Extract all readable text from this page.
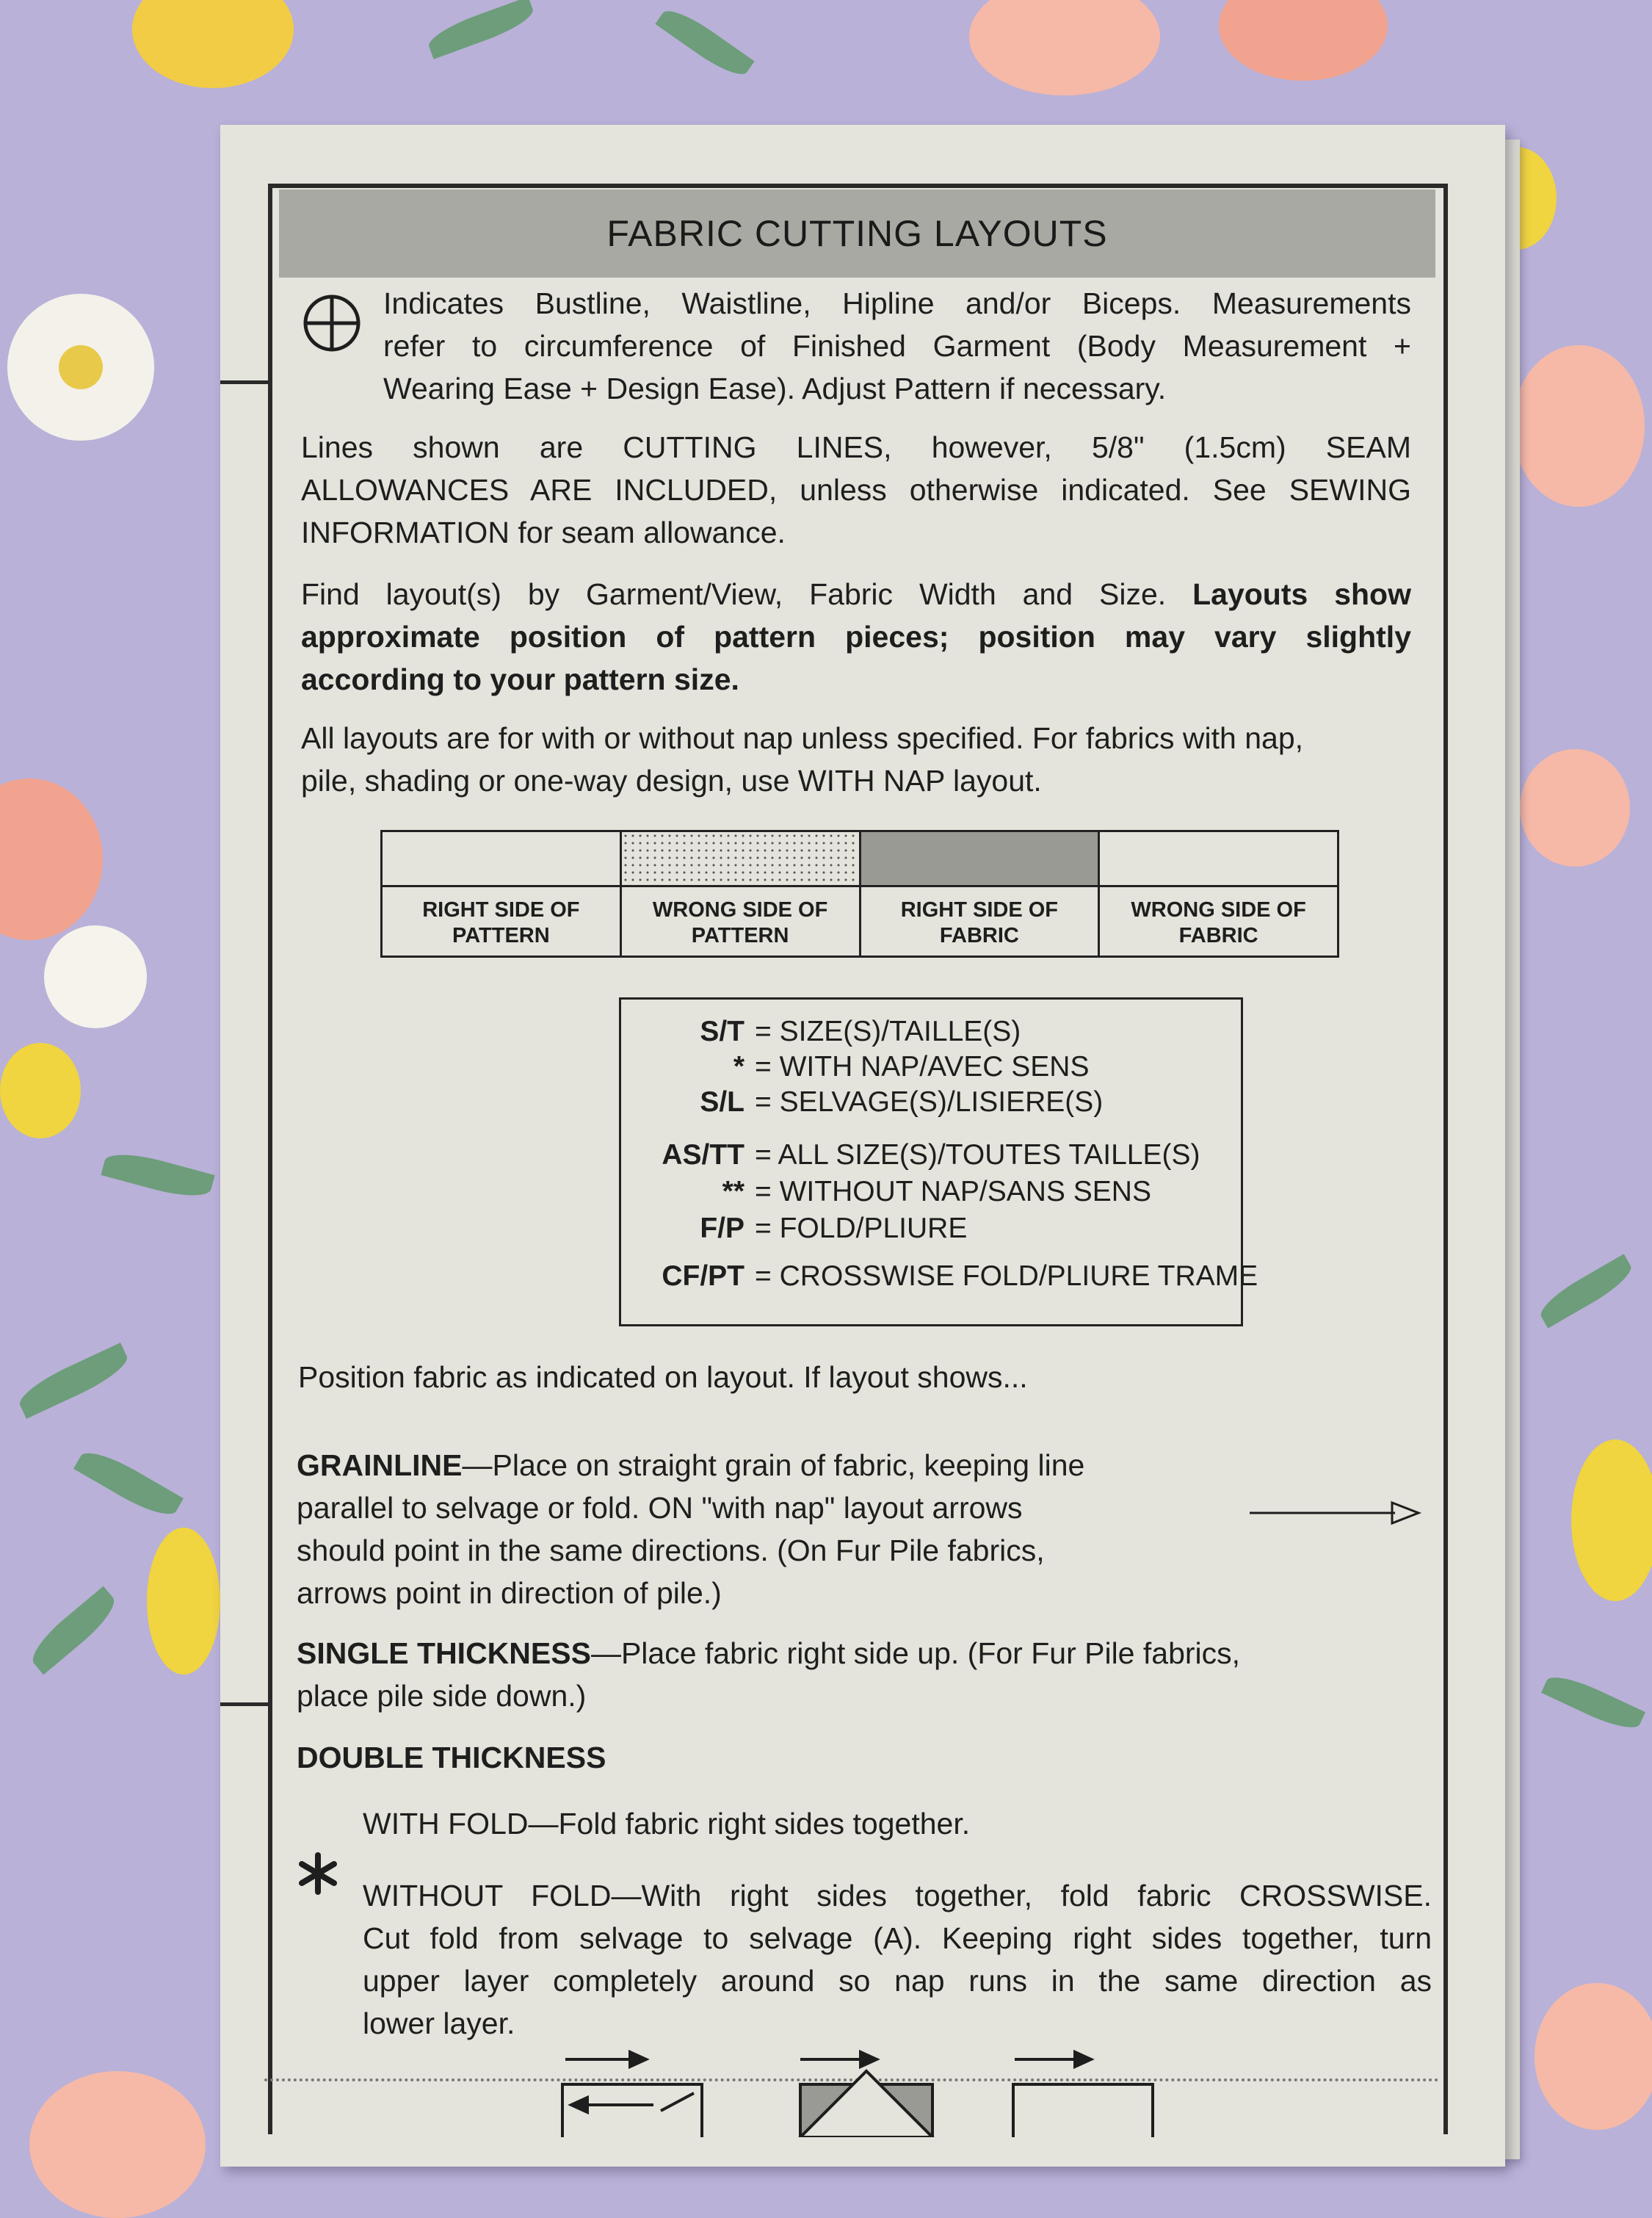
FABRIC CUTTING LAYOUTS
Indicates Bustline, Waistline, Hipline and/or Biceps. Measurements
refer to circumference of Finished Garment (Body Measurement +
Wearing Ease + Design Ease). Adjust Pattern if necessary.
Lines shown are CUTTING LINES, however, 5/8" (1.5cm) SEAM
ALLOWANCES ARE INCLUDED, unless otherwise indicated. See SEWING
INFORMATION for seam allowance.
Find layout(s) by Garment/View, Fabric Width and Size. Layouts show
approximate position of pattern pieces; position may vary slightly
according to your pattern size.
All layouts are for with or without nap unless specified. For fabrics with nap,
pile, shading or one-way design, use WITH NAP layout.
RIGHT SIDE OF
PATTERN
WRONG SIDE OF
PATTERN
RIGHT SIDE OF
FABRIC
WRONG SIDE OF
FABRIC
S/T = SIZE(S)/TAILLE(S)
* = WITH NAP/AVEC SENS
S/L = SELVAGE(S)/LISIERE(S)
AS/TT = ALL SIZE(S)/TOUTES TAILLE(S)
** = WITHOUT NAP/SANS SENS
F/P = FOLD/PLIURE
CF/PT = CROSSWISE FOLD/PLIURE TRAME
Position fabric as indicated on layout. If layout shows...
GRAINLINE—Place on straight grain of fabric, keeping line
parallel to selvage or fold. ON "with nap" layout arrows
should point in the same directions. (On Fur Pile fabrics,
arrows point in direction of pile.)
SINGLE THICKNESS—Place fabric right side up. (For Fur Pile fabrics,
place pile side down.)
DOUBLE THICKNESS
WITH FOLD—Fold fabric right sides together.
WITHOUT FOLD—With right sides together, fold fabric CROSSWISE.
Cut fold from selvage to selvage (A). Keeping right sides together, turn
upper layer completely around so nap runs in the same direction as
lower layer.
